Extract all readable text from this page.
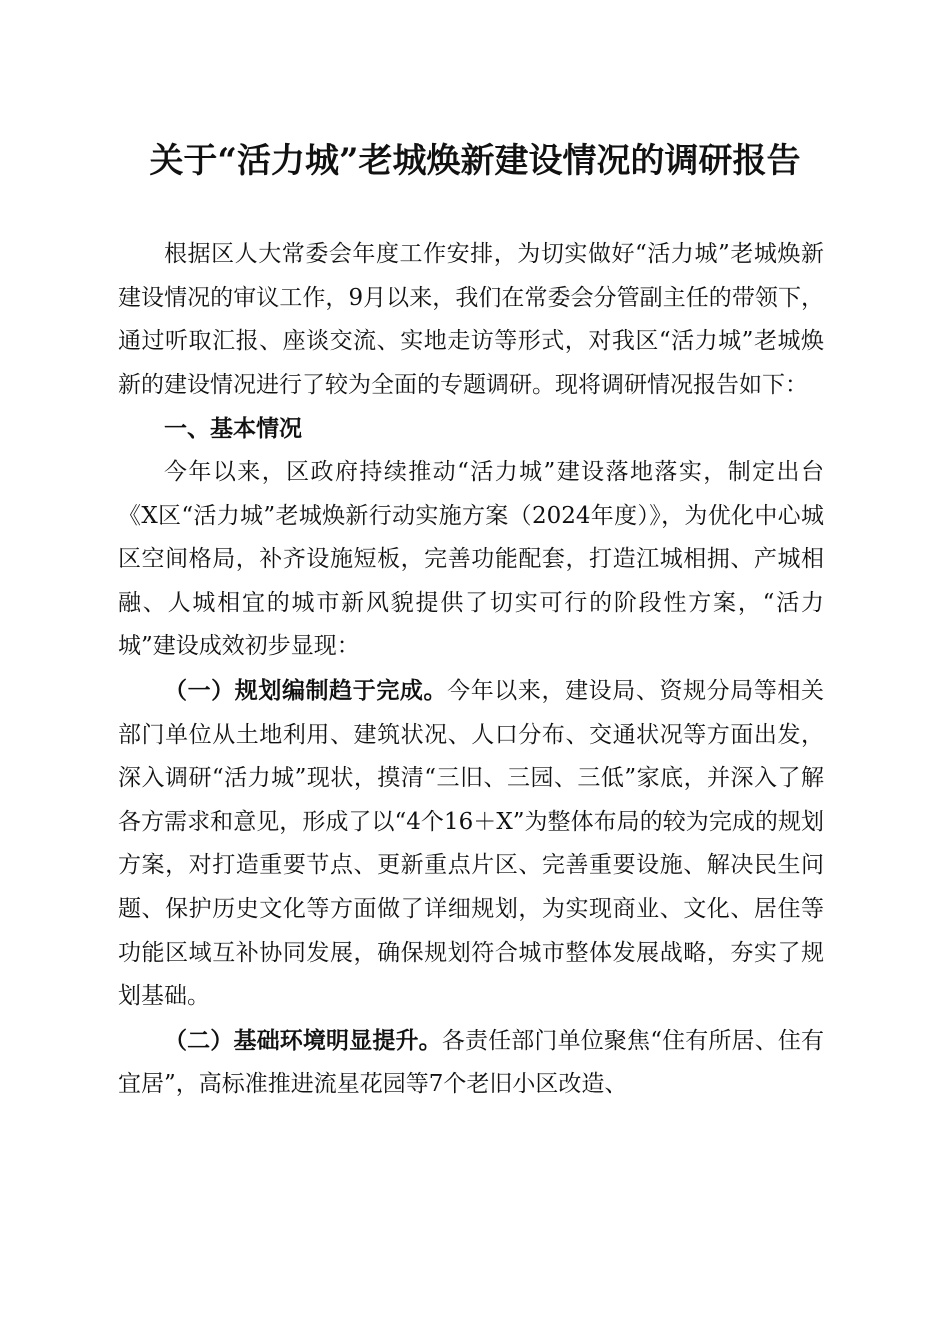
关于“活力城”老城焕新建设情况的调研报告

根据区人大常委会年度工作安排，为切实做好“活力城”老城焕新建设情况的审议工作，9月以来，我们在常委会分管副主任的带领下，通过听取汇报、座谈交流、实地走访等形式，对我区“活力城”老城焕新的建设情况进行了较为全面的专题调研。现将调研情况报告如下：

一、基本情况

今年以来，区政府持续推动“活力城”建设落地落实，制定出台《X区“活力城”老城焕新行动实施方案（2024年度）》，为优化中心城区空间格局，补齐设施短板，完善功能配套，打造江城相拥、产城相融、人城相宜的城市新风貌提供了切实可行的阶段性方案，“活力城”建设成效初步显现：

（一）规划编制趋于完成。今年以来，建设局、资规分局等相关部门单位从土地利用、建筑状况、人口分布、交通状况等方面出发，深入调研“活力城”现状，摸清“三旧、三园、三低”家底，并深入了解各方需求和意见，形成了以“4个16＋X”为整体布局的较为完成的规划方案，对打造重要节点、更新重点片区、完善重要设施、解决民生问题、保护历史文化等方面做了详细规划，为实现商业、文化、居住等功能区域互补协同发展，确保规划符合城市整体发展战略，夯实了规划基础。

（二）基础环境明显提升。各责任部门单位聚焦“住有所居、住有宜居”，高标准推进流星花园等7个老旧小区改造、
